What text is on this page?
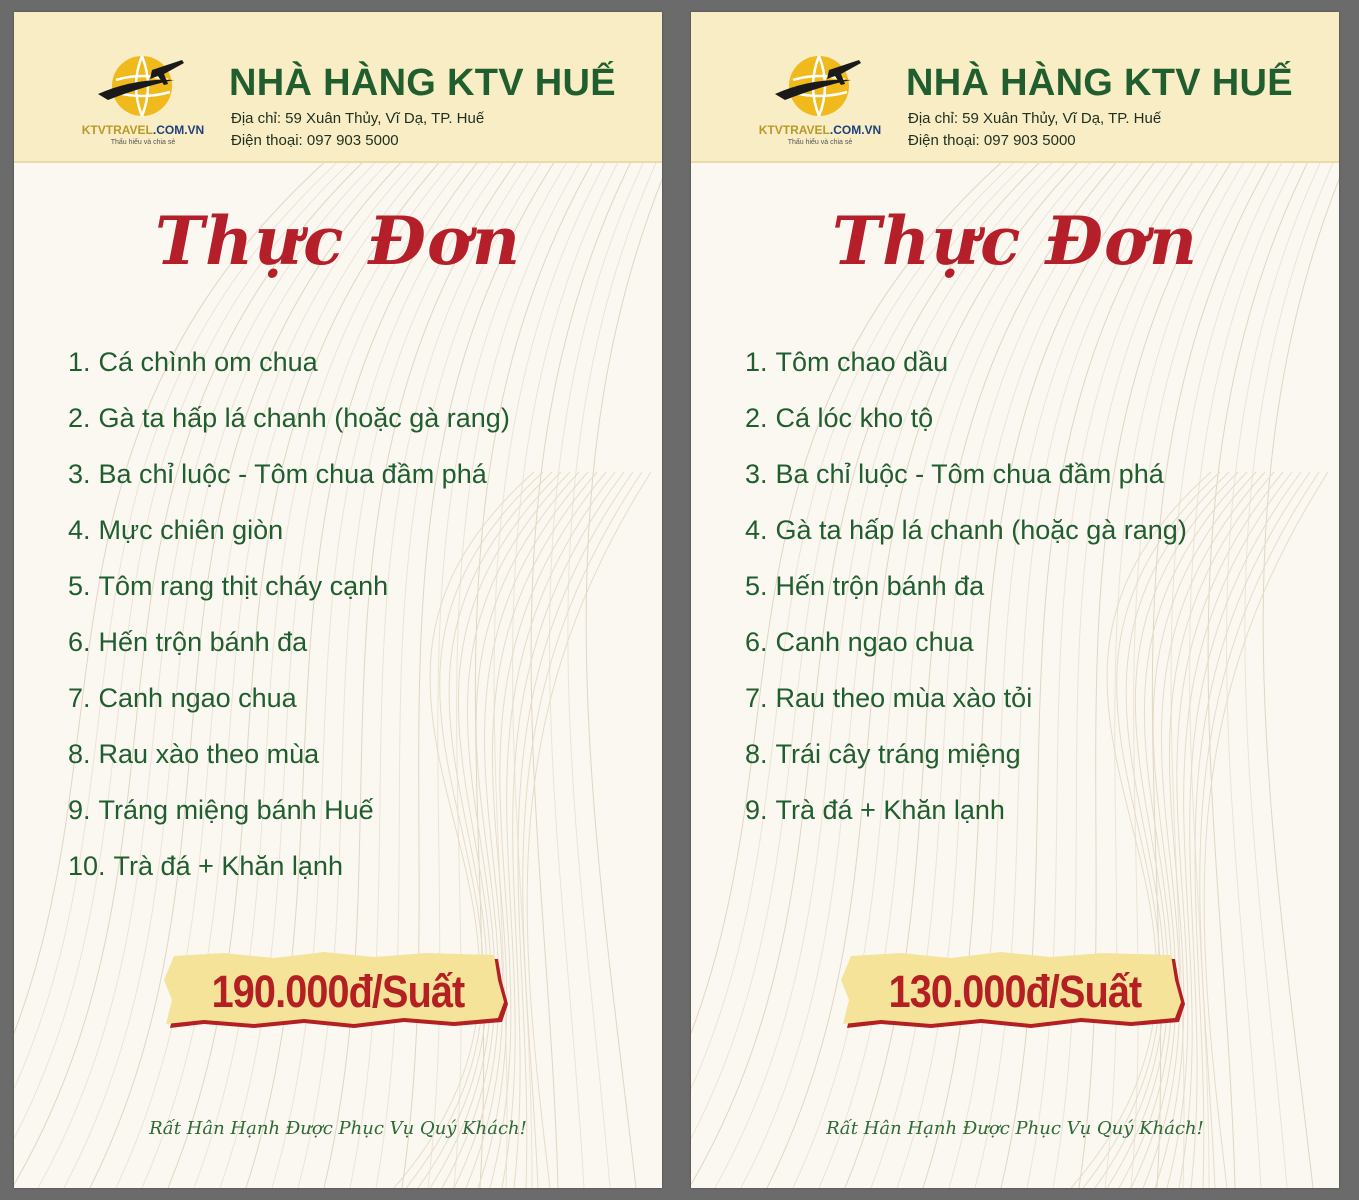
KTVTRAVEL.COM.VN
Thấu hiểu và chia sẻ
NHÀ HÀNG KTV HUẾ
Địa chỉ: 59 Xuân Thủy, Vĩ Dạ, TP. Huế
Điện thoại: 097 903 5000
Thực Đơn
1. Cá chình om chua
2. Gà ta hấp lá chanh (hoặc gà rang)
3. Ba chỉ luộc - Tôm chua đầm phá
4. Mực chiên giòn
5. Tôm rang thịt cháy cạnh
6. Hến trộn bánh đa
7. Canh ngao chua
8. Rau xào theo mùa
9. Tráng miệng bánh Huế
10. Trà đá + Khăn lạnh
190.000đ/Suất
Rất Hân Hạnh Được Phục Vụ Quý Khách!
KTVTRAVEL.COM.VN
Thấu hiểu và chia sẻ
NHÀ HÀNG KTV HUẾ
Địa chỉ: 59 Xuân Thủy, Vĩ Dạ, TP. Huế
Điện thoại: 097 903 5000
Thực Đơn
1. Tôm chao dầu
2. Cá lóc kho tộ
3. Ba chỉ luộc - Tôm chua đầm phá
4. Gà ta hấp lá chanh (hoặc gà rang)
5. Hến trộn bánh đa
6. Canh ngao chua
7. Rau theo mùa xào tỏi
8. Trái cây tráng miệng
9. Trà đá + Khăn lạnh
130.000đ/Suất
Rất Hân Hạnh Được Phục Vụ Quý Khách!
